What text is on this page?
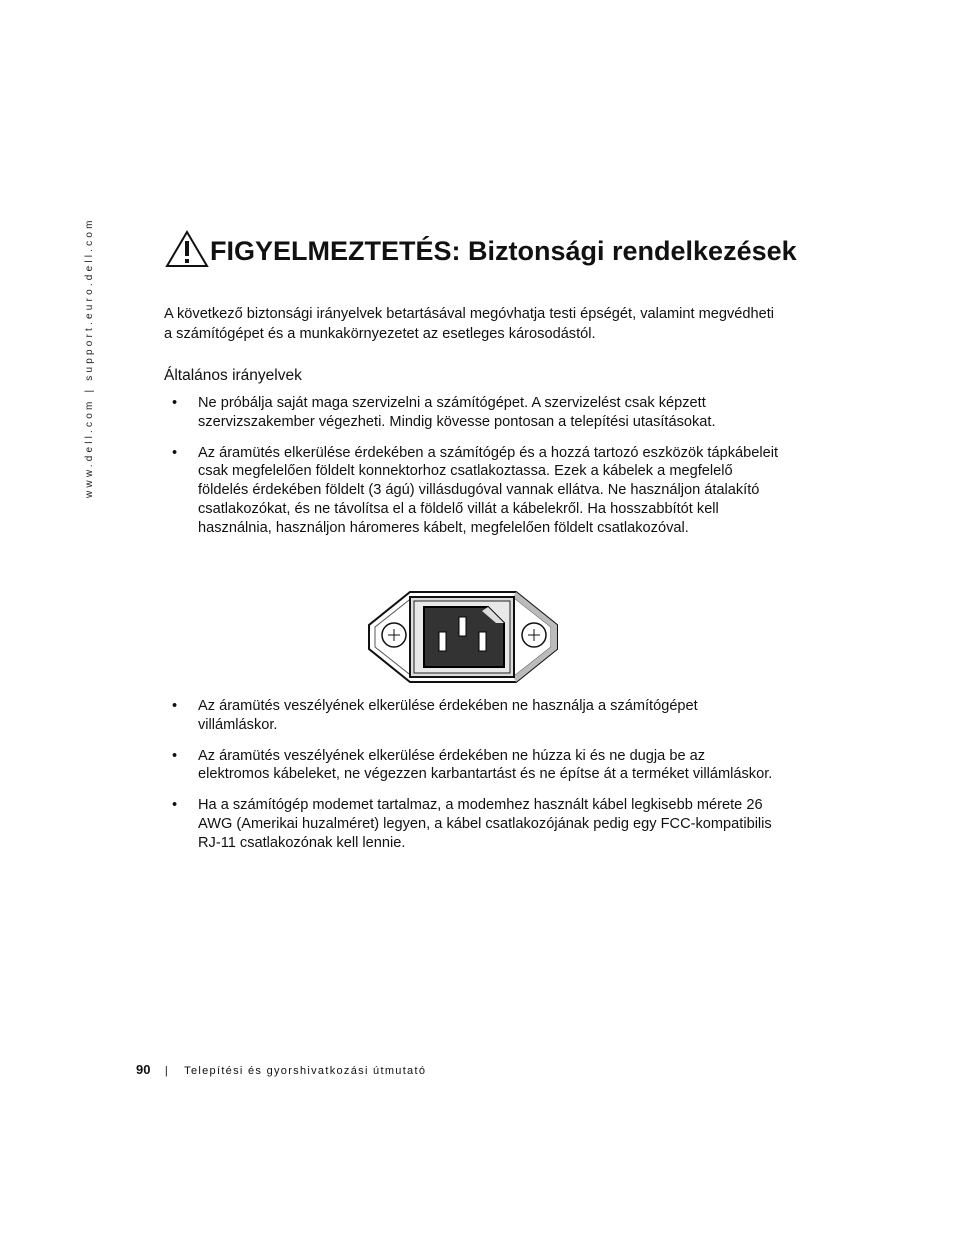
www.dell.com | support.euro.dell.com	FIGYELMEZTETÉS: Biztonsági rendelkezések

A következő biztonsági irányelvek betartásával megóvhatja testi épségét, valamint megvédheti a számítógépet és a munkakörnyezetet az esetleges károsodástól.

Általános irányelvek

• Ne próbálja saját maga szervizelni a számítógépet. A szervizelést csak képzett szervizszakember végezheti. Mindig kövesse pontosan a telepítési utasításokat.
• Az áramütés elkerülése érdekében a számítógép és a hozzá tartozó eszközök tápkábeleit csak megfelelően földelt konnektorhoz csatlakoztassa. Ezek a kábelek a megfelelő földelés érdekében földelt (3 ágú) villásdugóval vannak ellátva. Ne használjon átalakító csatlakozókat, és ne távolítsa el a földelő villát a kábelekről. Ha hosszabbítót kell használnia, használjon háromeres kábelt, megfelelően földelt csatlakozóval.
• Az áramütés veszélyének elkerülése érdekében ne használja a számítógépet villámláskor.
• Az áramütés veszélyének elkerülése érdekében ne húzza ki és ne dugja be az elektromos kábeleket, ne végezzen karbantartást és ne építse át a terméket villámláskor.
• Ha a számítógép modemet tartalmaz, a modemhez használt kábel legkisebb mérete 26 AWG (Amerikai huzalméret) legyen, a kábel csatlakozójának pedig egy FCC-kompatibilis RJ-11 csatlakozónak kell lennie.
90 | Telepítési és gyorshivatkozási útmutató
